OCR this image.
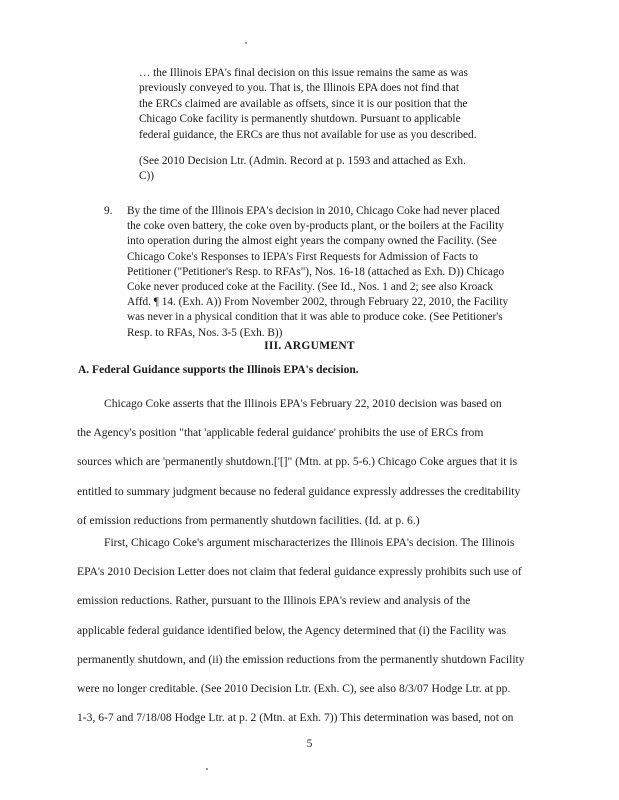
… the Illinois EPA's final decision on this issue remains the same as was
previously conveyed to you. That is, the Illinois EPA does not find that
the ERCs claimed are available as offsets, since it is our position that the
Chicago Coke facility is permanently shutdown. Pursuant to applicable
federal guidance, the ERCs are thus not available for use as you described.
(See 2010 Decision Ltr. (Admin. Record at p. 1593 and attached as Exh.
C))
9. By the time of the Illinois EPA's decision in 2010, Chicago Coke had never placed
the coke oven battery, the coke oven by-products plant, or the boilers at the Facility
into operation during the almost eight years the company owned the Facility. (See
Chicago Coke's Responses to IEPA's First Requests for Admission of Facts to
Petitioner ("Petitioner's Resp. to RFAs"), Nos. 16-18 (attached as Exh. D)) Chicago
Coke never produced coke at the Facility. (See Id., Nos. 1 and 2; see also Kroack
Affd. ¶ 14. (Exh. A)) From November 2002, through February 22, 2010, the Facility
was never in a physical condition that it was able to produce coke. (See Petitioner's
Resp. to RFAs, Nos. 3-5 (Exh. B))
III. ARGUMENT
A. Federal Guidance supports the Illinois EPA's decision.
Chicago Coke asserts that the Illinois EPA's February 22, 2010 decision was based on
the Agency's position "that 'applicable federal guidance' prohibits the use of ERCs from
sources which are 'permanently shutdown.['[]" (Mtn. at pp. 5-6.) Chicago Coke argues that it is
entitled to summary judgment because no federal guidance expressly addresses the creditability
of emission reductions from permanently shutdown facilities. (Id. at p. 6.)
First, Chicago Coke's argument mischaracterizes the Illinois EPA's decision. The Illinois
EPA's 2010 Decision Letter does not claim that federal guidance expressly prohibits such use of
emission reductions. Rather, pursuant to the Illinois EPA's review and analysis of the
applicable federal guidance identified below, the Agency determined that (i) the Facility was
permanently shutdown, and (ii) the emission reductions from the permanently shutdown Facility
were no longer creditable. (See 2010 Decision Ltr. (Exh. C), see also 8/3/07 Hodge Ltr. at pp.
1-3, 6-7 and 7/18/08 Hodge Ltr. at p. 2 (Mtn. at Exh. 7)) This determination was based, not on
5
